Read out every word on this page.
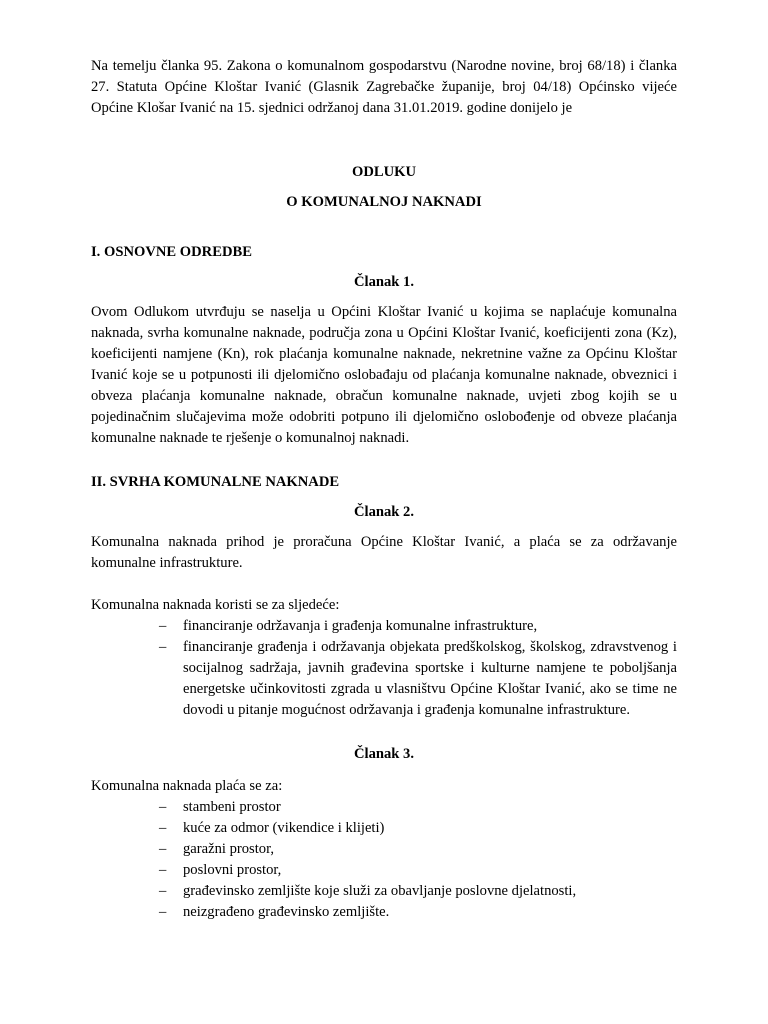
Na temelju članka 95. Zakona o komunalnom gospodarstvu (Narodne novine, broj 68/18) i članka 27. Statuta Općine Kloštar Ivanić (Glasnik Zagrebačke županije, broj 04/18) Općinsko vijeće Općine Klošar Ivanić na 15. sjednici održanoj dana 31.01.2019. godine donijelo je

ODLUKU

O KOMUNALNOJ NAKNADI

I. OSNOVNE ODREDBE

Članak 1.

Ovom Odlukom utvrđuju se naselja u Općini Kloštar Ivanić u kojima se naplaćuje komunalna naknada, svrha komunalne naknade, područja zona u Općini Kloštar Ivanić, koeficijenti zona (Kz), koeficijenti namjene (Kn), rok plaćanja komunalne naknade, nekretnine važne za Općinu Kloštar Ivanić koje se u potpunosti ili djelomično oslobađaju od plaćanja komunalne naknade, obveznici i obveza plaćanja komunalne naknade, obračun komunalne naknade, uvjeti zbog kojih se u pojedinačnim slučajevima može odobriti potpuno ili djelomično oslobođenje od obveze plaćanja komunalne naknade te rješenje o komunalnoj naknadi.

II. SVRHA KOMUNALNE NAKNADE

Članak 2.

Komunalna naknada prihod je proračuna Općine Kloštar Ivanić, a plaća se za održavanje komunalne infrastrukture.

Komunalna naknada koristi se za sljedeće:

– financiranje održavanja i građenja komunalne infrastrukture,
– financiranje građenja i održavanja objekata predškolskog, školskog, zdravstvenog i socijalnog sadržaja, javnih građevina sportske i kulturne namjene te poboljšanja energetske učinkovitosti zgrada u vlasništvu Općine Kloštar Ivanić, ako se time ne dovodi u pitanje mogućnost održavanja i građenja komunalne infrastrukture.

Članak 3.

Komunalna naknada plaća se za:

– stambeni prostor
– kuće za odmor (vikendice i klijeti)
– garažni prostor,
– poslovni prostor,
– građevinsko zemljište koje služi za obavljanje poslovne djelatnosti,
– neizgrađeno građevinsko zemljište.
